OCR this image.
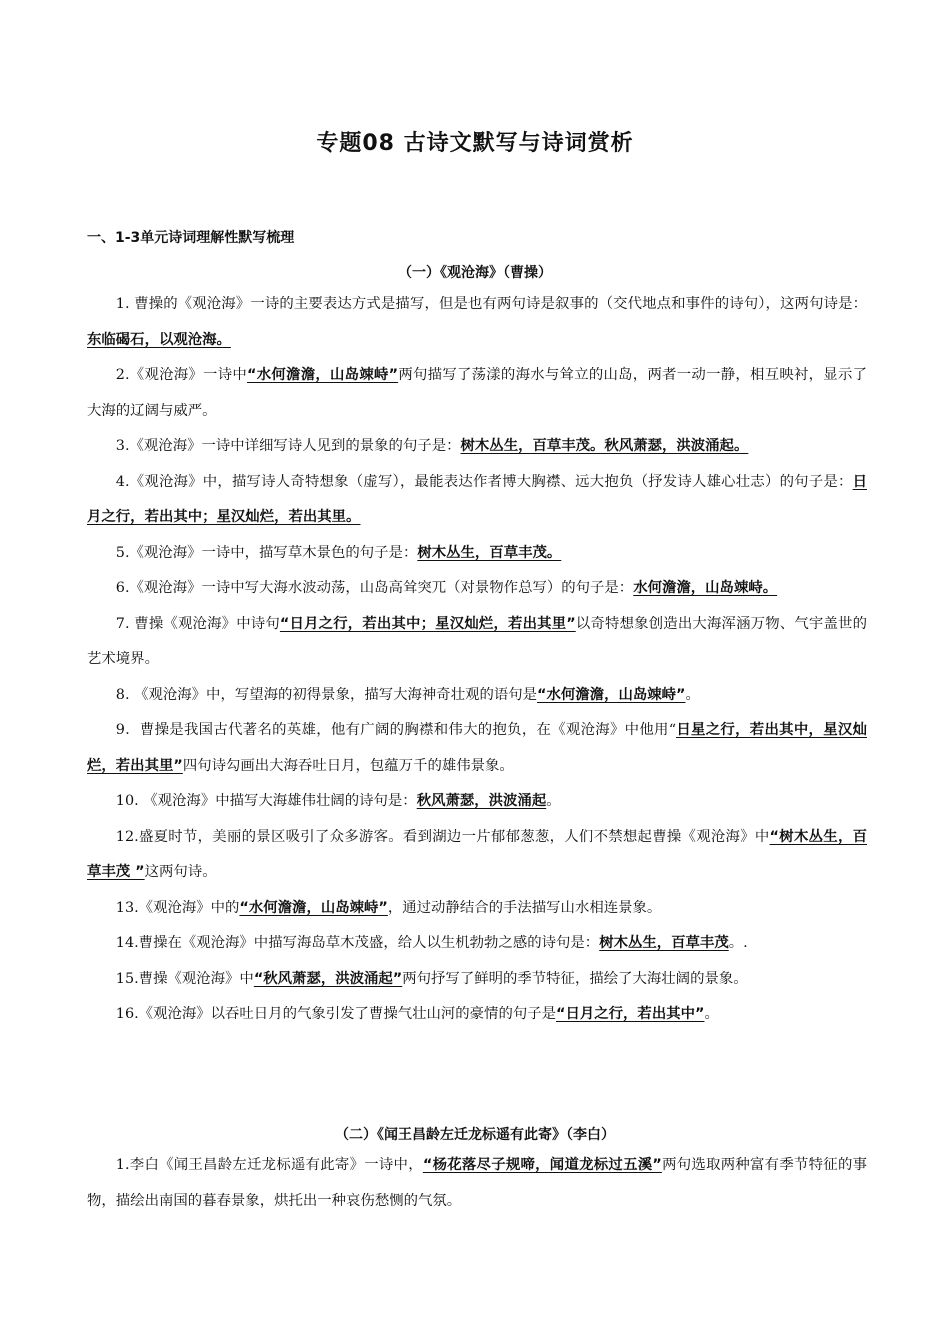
专题08 古诗文默写与诗词赏析
一、1-3单元诗词理解性默写梳理
（一）《观沧海》（曹操）

1. 曹操的《观沧海》一诗的主要表达方式是描写，但是也有两句诗是叙事的（交代地点和事件的诗句），这两句诗是：东临碣石，以观沧海。

2.《观沧海》一诗中“水何澹澹，山岛竦峙”两句描写了荡漾的海水与耸立的山岛，两者一动一静，相互映衬，显示了大海的辽阔与威严。

3.《观沧海》一诗中详细写诗人见到的景象的句子是：树木丛生，百草丰茂。秋风萧瑟，洪波涌起。

4.《观沧海》中，描写诗人奇特想象（虚写），最能表达作者博大胸襟、远大抱负（抒发诗人雄心壮志）的句子是：日月之行，若出其中；星汉灿烂，若出其里。

5.《观沧海》一诗中，描写草木景色的句子是：树木丛生，百草丰茂。

6.《观沧海》一诗中写大海水波动荡，山岛高耸突兀（对景物作总写）的句子是：水何澹澹，山岛竦峙。

7. 曹操《观沧海》中诗句“日月之行，若出其中；星汉灿烂，若出其里”以奇特想象创造出大海浑涵万物、气宇盖世的艺术境界。

8. 《观沧海》中，写望海的初得景象，描写大海神奇壮观的语句是“水何澹澹，山岛竦峙”。

9．曹操是我国古代著名的英雄，他有广阔的胸襟和伟大的抱负，在《观沧海》中他用“日星之行，若出其中，星汉灿烂，若出其里”四句诗勾画出大海吞吐日月，包蕴万千的雄伟景象。

10. 《观沧海》中描写大海雄伟壮阔的诗句是：秋风萧瑟，洪波涌起。

12.盛夏时节，美丽的景区吸引了众多游客。看到湖边一片郁郁葱葱，人们不禁想起曹操《观沧海》中“树木丛生，百草丰茂 ”这两句诗。

13.《观沧海》中的“水何澹澹，山岛竦峙”，通过动静结合的手法描写山水相连景象。

14.曹操在《观沧海》中描写海岛草木茂盛，给人以生机勃勃之感的诗句是：树木丛生，百草丰茂。.

15.曹操《观沧海》中“秋风萧瑟，洪波涌起”两句抒写了鲜明的季节特征，描绘了大海壮阔的景象。

16.《观沧海》以吞吐日月的气象引发了曹操气壮山河的豪情的句子是“日月之行，若出其中”。

（二）《闻王昌龄左迁龙标遥有此寄》（李白）

1.李白《闻王昌龄左迁龙标遥有此寄》一诗中，“杨花落尽子规啼，闻道龙标过五溪”两句选取两种富有季节特征的事物，描绘出南国的暮春景象，烘托出一种哀伤愁恻的气氛。
